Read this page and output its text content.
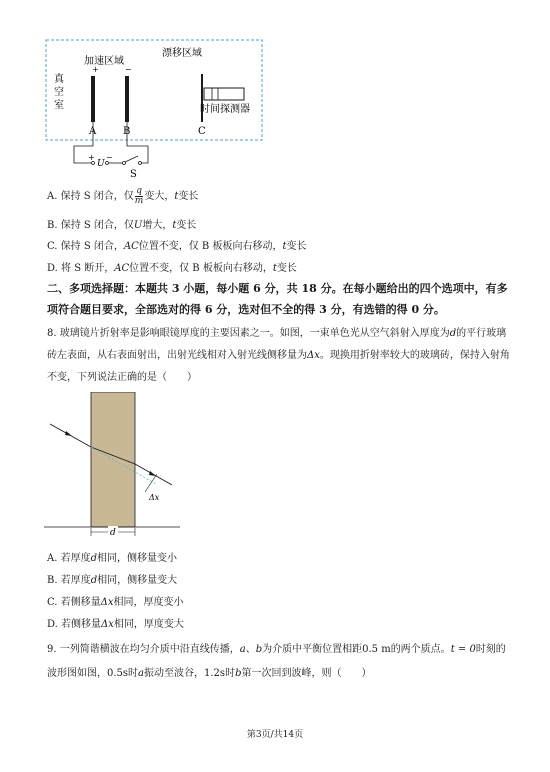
加速区域
漂移区域
+	−
真
空
室	时间探测器
A	B	C
+ −
U
S
A. 保持 S 闭合，仅 $\frac{q}{m}$ 变大，t变长
B. 保持 S 闭合，仅U增大，t变长
C. 保持 S 闭合，AC位置不变，仅 B 板板向右移动，t变长
D. 将 S 断开，AC位置不变，仅 B 板板向右移动，t变长
二、多项选择题：本题共 3 小题，每小题 6 分，共 18 分。在每小题给出的四个选项中，有多
项符合题目要求，全部选对的得 6 分，选对但不全的得 3 分，有选错的得 0 分。
8. 玻璃镜片折射率是影响眼镜厚度的主要因素之一。如图，一束单色光从空气斜射入厚度为d的平行玻璃
砖左表面，从右表面射出，出射光线相对入射光线侧移量为Δx。现换用折射率较大的玻璃砖，保持入射角
不变，下列说法正确的是（　　）
Δx
d
A. 若厚度d相同，侧移量变小
B. 若厚度d相同，侧移量变大
C. 若侧移量Δx相同，厚度变小
D. 若侧移量Δx相同，厚度变大
9. 一列简谐横波在均匀介质中沿直线传播，a、b为介质中平衡位置相距0.5 m的两个质点。t = 0时刻的
波形图如图，0.5s时a振动至波谷，1.2s时b第一次回到波峰，则（　　）
第3页/共14页
